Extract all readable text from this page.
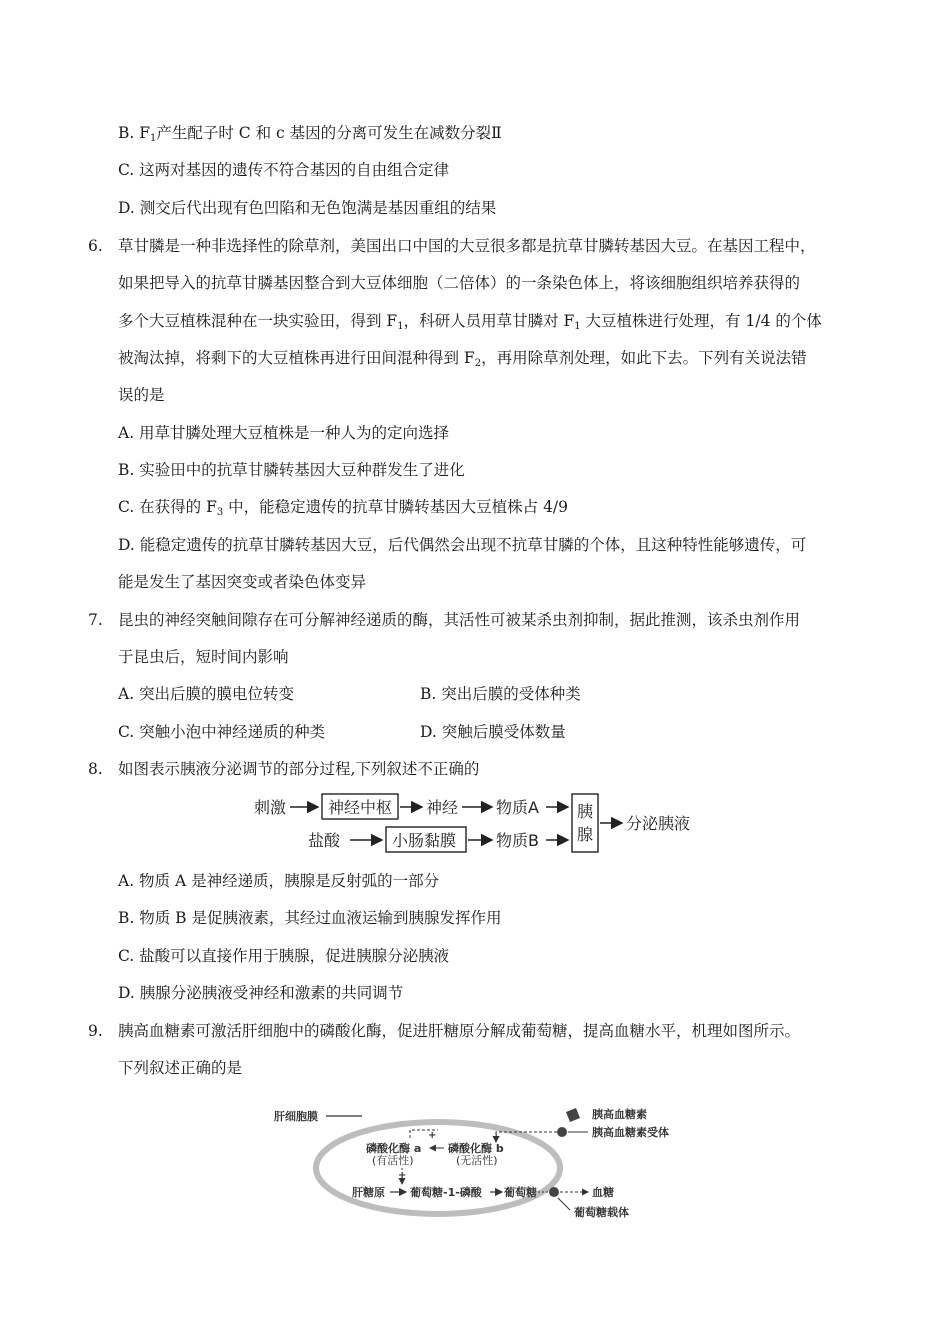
B. $F_1$产生配子时 C 和 c 基因的分离可发生在减数分裂Ⅱ
C. 这两对基因的遗传不符合基因的自由组合定律
D. 测交后代出现有色凹陷和无色饱满是基因重组的结果
6. 草甘膦是一种非选择性的除草剂，美国出口中国的大豆很多都是抗草甘膦转基因大豆。在基因工程中，
如果把导入的抗草甘膦基因整合到大豆体细胞（二倍体）的一条染色体上，将该细胞组织培养获得的
多个大豆植株混种在一块实验田，得到 $F_1$，科研人员用草甘膦对 $F_1$ 大豆植株进行处理，有 1/4 的个体
被淘汰掉，将剩下的大豆植株再进行田间混种得到 $F_2$，再用除草剂处理，如此下去。下列有关说法错
误的是
A. 用草甘膦处理大豆植株是一种人为的定向选择
B. 实验田中的抗草甘膦转基因大豆种群发生了进化
C. 在获得的 $F_3$ 中，能稳定遗传的抗草甘膦转基因大豆植株占 4/9
D. 能稳定遗传的抗草甘膦转基因大豆，后代偶然会出现不抗草甘膦的个体，且这种特性能够遗传，可
能是发生了基因突变或者染色体变异
7. 昆虫的神经突触间隙存在可分解神经递质的酶，其活性可被某杀虫剂抑制，据此推测，该杀虫剂作用
于昆虫后，短时间内影响
A. 突出后膜的膜电位转变	B. 突出后膜的受体种类
C. 突触小泡中神经递质的种类	D. 突触后膜受体数量
8. 如图表示胰液分泌调节的部分过程,下列叙述不正确的
刺激	神经中枢 神经 物质A
盐酸	小肠黏膜 物质B
胰
腺
分泌胰液
A. 物质 A 是神经递质，胰腺是反射弧的一部分
B. 物质 B 是促胰液素，其经过血液运输到胰腺发挥作用
C. 盐酸可以直接作用于胰腺，促进胰腺分泌胰液
D. 胰腺分泌胰液受神经和激素的共同调节
9. 胰高血糖素可激活肝细胞中的磷酸化酶，促进肝糖原分解成葡萄糖，提高血糖水平，机理如图所示。
下列叙述正确的是
肝细胞膜	胰高血糖素
胰高血糖素受体
+
磷酸化酶 a
(有活性)
磷酸化酶 b
(无活性)
+
+
肝糖原 葡萄糖-1-磷酸 葡萄糖	血糖
葡萄糖载体
